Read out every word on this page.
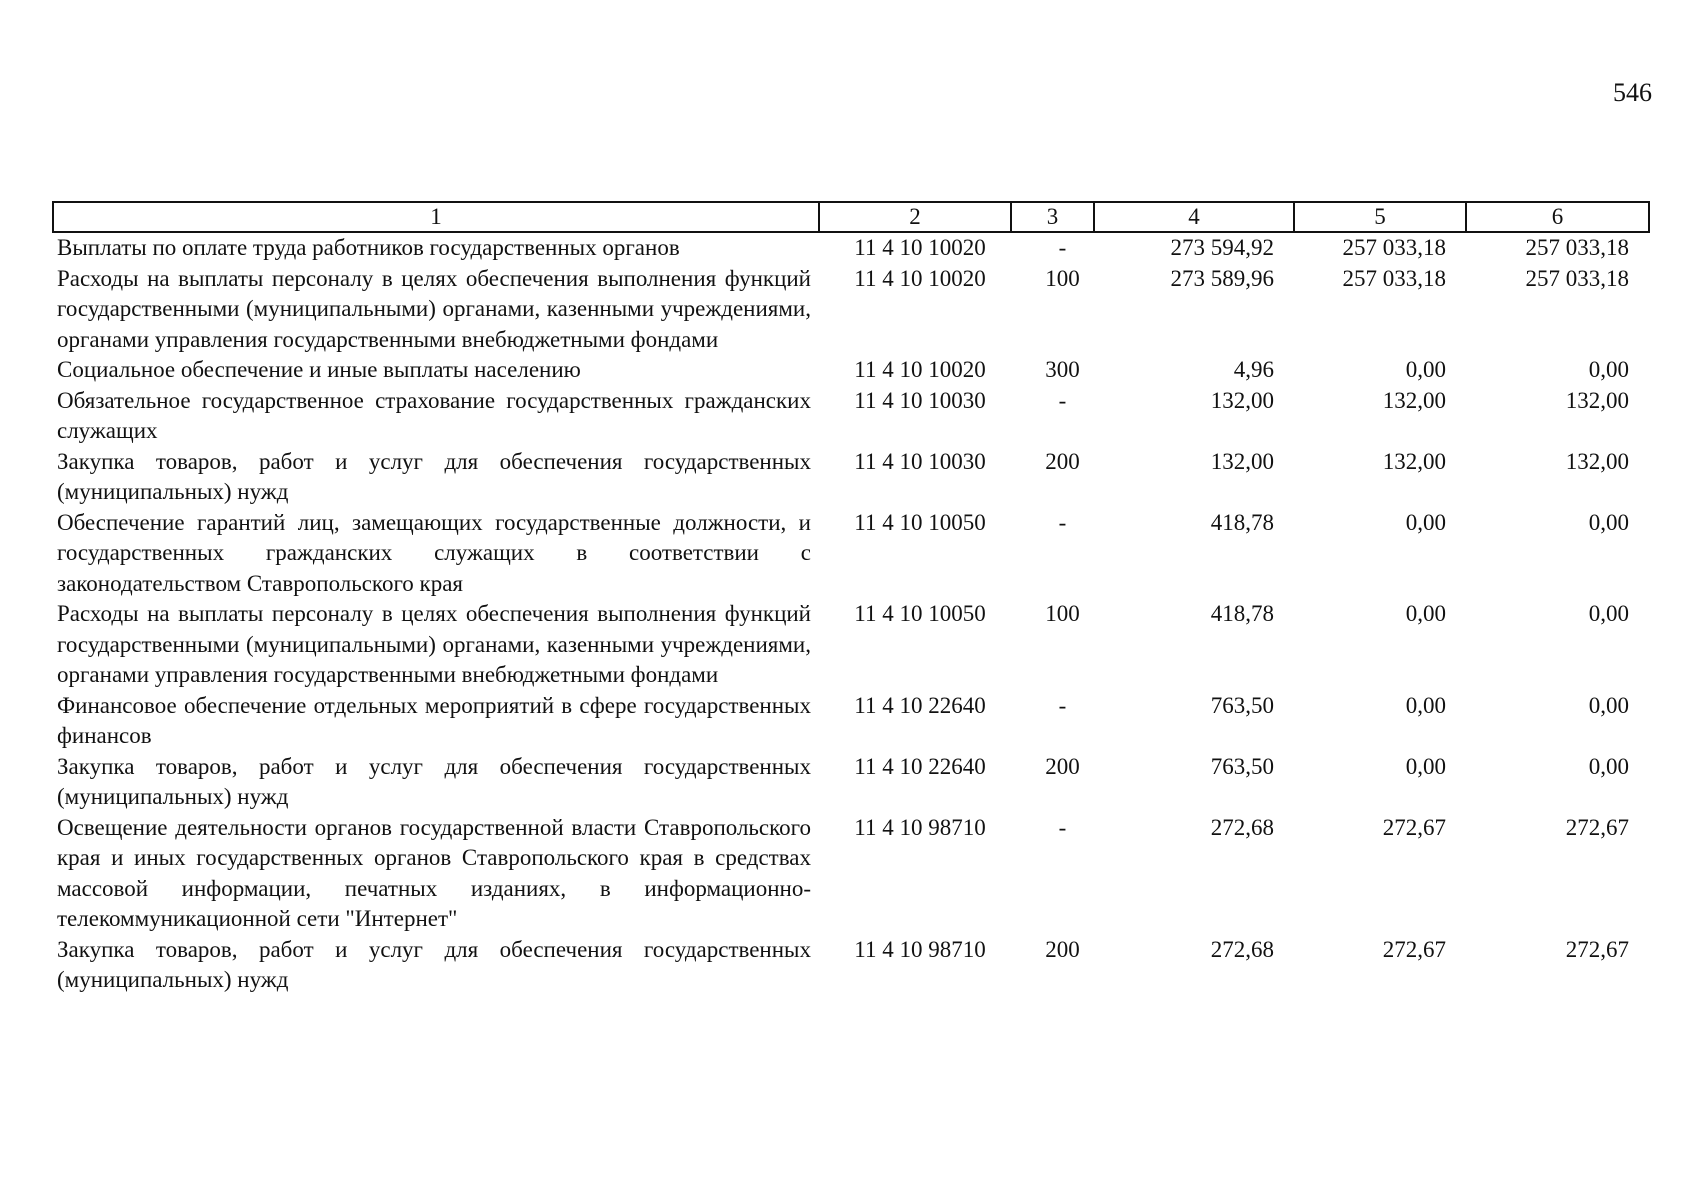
546
1	2	3	4	5	6
Выплаты по оплате труда работников государственных органов	11 4 10 10020	-	273 594,92	257 033,18	257 033,18
Расходы на выплаты персоналу в целях обеспечения выполнения функций государственными (муниципальными) органами, казенными учреждениями, органами управления государственными внебюджетными фондами	11 4 10 10020	100	273 589,96	257 033,18	257 033,18
Социальное обеспечение и иные выплаты населению	11 4 10 10020	300	4,96	0,00	0,00
Обязательное государственное страхование государственных гражданских служащих	11 4 10 10030	-	132,00	132,00	132,00
Закупка товаров, работ и услуг для обеспечения государственных (муниципальных) нужд	11 4 10 10030	200	132,00	132,00	132,00
Обеспечение гарантий лиц, замещающих государственные должности, и государственных гражданских служащих в соответствии с законодательством Ставропольского края	11 4 10 10050	-	418,78	0,00	0,00
Расходы на выплаты персоналу в целях обеспечения выполнения функций государственными (муниципальными) органами, казенными учреждениями, органами управления государственными внебюджетными фондами	11 4 10 10050	100	418,78	0,00	0,00
Финансовое обеспечение отдельных мероприятий в сфере государственных финансов	11 4 10 22640	-	763,50	0,00	0,00
Закупка товаров, работ и услуг для обеспечения государственных (муниципальных) нужд	11 4 10 22640	200	763,50	0,00	0,00
Освещение деятельности органов государственной власти Ставропольского края и иных государственных органов Ставропольского края в средствах массовой информации, печатных изданиях, в информационно-телекоммуникационной сети "Интернет"	11 4 10 98710	-	272,68	272,67	272,67
Закупка товаров, работ и услуг для обеспечения государственных (муниципальных) нужд	11 4 10 98710	200	272,68	272,67	272,67
